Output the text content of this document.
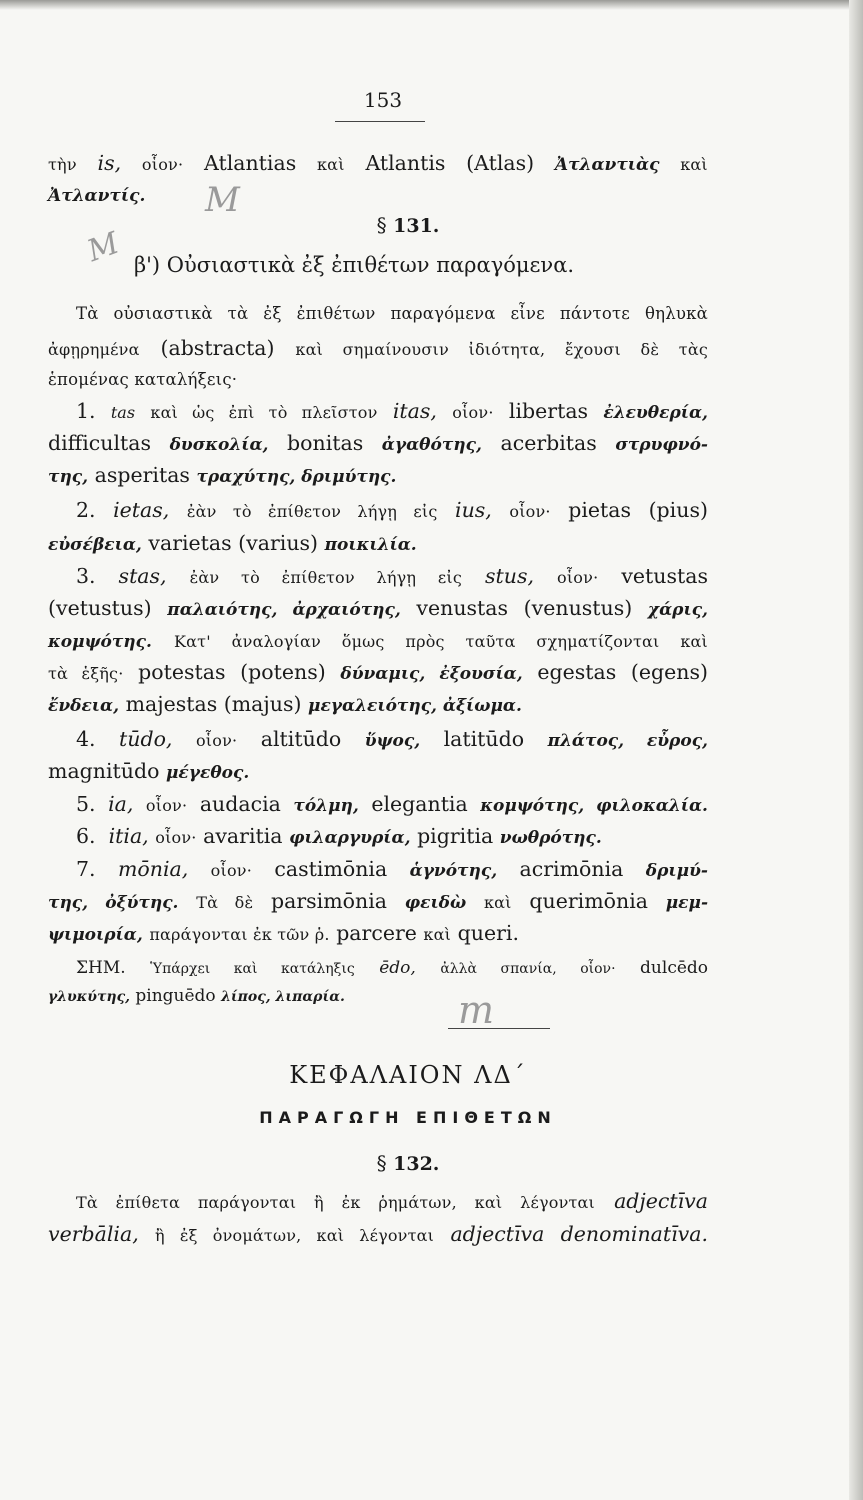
153
M
M
m
τὴν is, οἷον· Atlantias καὶ Atlantis (Atlas) Ἀτλαντιὰς καὶ
Ἀτλαντίς.
§ 131.
β') Οὐσιαστικὰ ἐξ ἐπιθέτων παραγόμενα.
Τὰ οὐσιαστικὰ τὰ ἐξ ἐπιθέτων παραγόμενα εἶνε πάντοτε θηλυκὰ
ἀφῃρημένα (abstracta) καὶ σημαίνουσιν ἰδιότητα, ἔχουσι δὲ τὰς
ἑπομένας καταλήξεις·
1. tas καὶ ὡς ἐπὶ τὸ πλεῖστον itas, οἷον· libertas ἐλευθερία,
difficultas δυσκολία, bonitas ἀγαθότης, acerbitas στρυφνό-
της, asperitas τραχύτης, δριμύτης.
2. ietas, ἐὰν τὸ ἐπίθετον λήγῃ εἰς ius, οἷον· pietas (pius)
εὐσέβεια, varietas (varius) ποικιλία.
3. stas, ἐὰν τὸ ἐπίθετον λήγῃ εἰς stus, οἷον· vetustas
(vetustus) παλαιότης, ἀρχαιότης, venustas (venustus) χάρις,
κομψότης. Κατ' ἀναλογίαν ὅμως πρὸς ταῦτα σχηματίζονται καὶ
τὰ ἑξῆς· potestas (potens) δύναμις, ἐξουσία, egestas (egens)
ἔνδεια, majestas (majus) μεγαλειότης, ἀξίωμα.
4. tūdo, οἷον· altitūdo ὕψος, latitūdo πλάτος, εὖρος,
magnitūdo μέγεθος.
5. ia, οἷον· audacia τόλμη, elegantia κομψότης, φιλοκαλία.
6. itia, οἷον· avaritia φιλαργυρία, pigritia νωθρότης.
7. mōnia, οἷον· castimōnia ἁγνότης, acrimōnia δριμύ-
της, ὀξύτης. Τὰ δὲ parsimōnia φειδὼ καὶ querimōnia μεμ-
ψιμοιρία, παράγονται ἐκ τῶν ῥ. parcere καὶ queri.
ΣΗΜ. Ὑπάρχει καὶ κατάληξις ēdo, ἀλλὰ σπανία, οἷον· dulcēdo
γλυκύτης, pinguēdo λίπος, λιπαρία.
ΚΕΦΑΛΑΙΟΝ ΛΔ΄
ΠΑΡΑΓΩΓΗ ΕΠΙΘΕΤΩΝ
§ 132.
Τὰ ἐπίθετα παράγονται ἢ ἐκ ῥημάτων, καὶ λέγονται adjectīva
verbālia, ἢ ἐξ ὀνομάτων, καὶ λέγονται adjectīva denominatīva.
